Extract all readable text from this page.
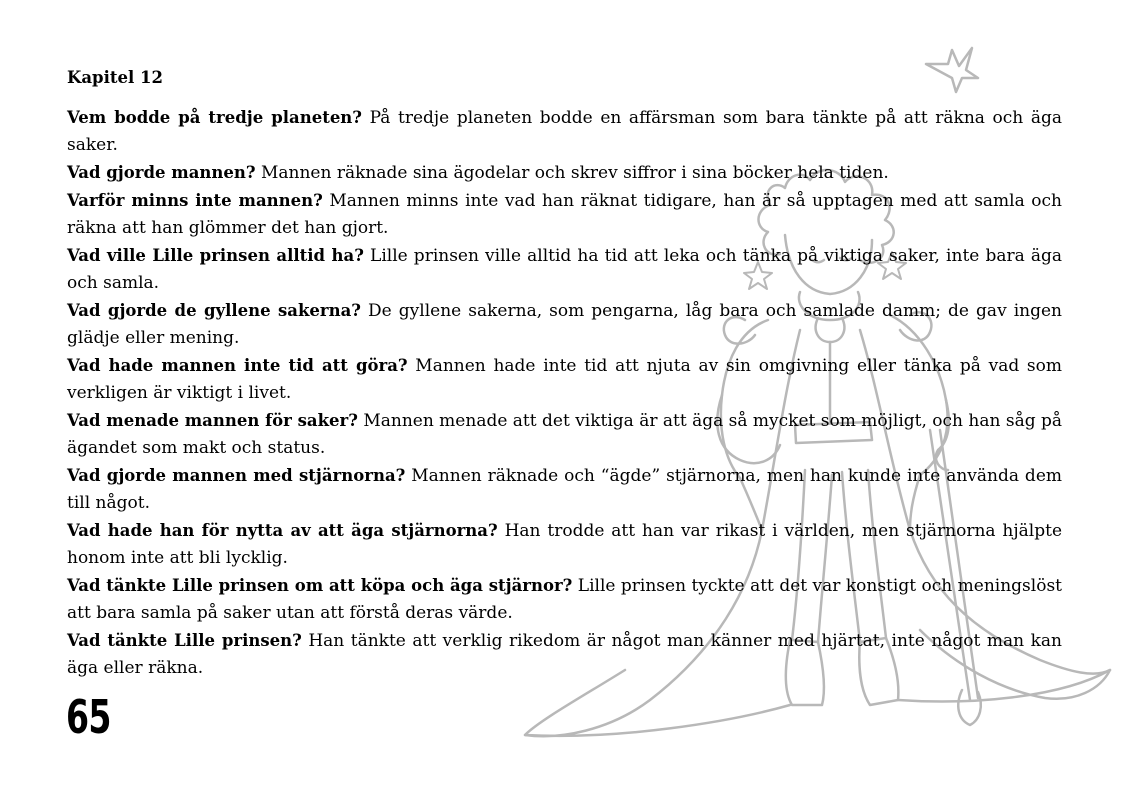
Kapitel 12

Vem bodde på tredje planeten? På tredje planeten bodde en affärsman som bara tänkte på att räkna och äga saker.

Vad gjorde mannen? Mannen räknade sina ägodelar och skrev siffror i sina böcker hela tiden.

Varför minns inte mannen? Mannen minns inte vad han räknat tidigare, han är så upptagen med att samla och räkna att han glömmer det han gjort.

Vad ville Lille prinsen alltid ha? Lille prinsen ville alltid ha tid att leka och tänka på viktiga saker, inte bara äga och samla.

Vad gjorde de gyllene sakerna? De gyllene sakerna, som pengarna, låg bara och samlade damm; de gav ingen glädje eller mening.

Vad hade mannen inte tid att göra? Mannen hade inte tid att njuta av sin omgivning eller tänka på vad som verkligen är viktigt i livet.

Vad menade mannen för saker? Mannen menade att det viktiga är att äga så mycket som möjligt, och han såg på ägandet som makt och status.

Vad gjorde mannen med stjärnorna? Mannen räknade och “ägde” stjärnorna, men han kunde inte använda dem till något.

Vad hade han för nytta av att äga stjärnorna? Han trodde att han var rikast i världen, men stjärnorna hjälpte honom inte att bli lycklig.

Vad tänkte Lille prinsen om att köpa och äga stjärnor? Lille prinsen tyckte att det var konstigt och meningslöst att bara samla på saker utan att förstå deras värde.

Vad tänkte Lille prinsen? Han tänkte att verklig rikedom är något man känner med hjärtat, inte något man kan äga eller räkna.

65
